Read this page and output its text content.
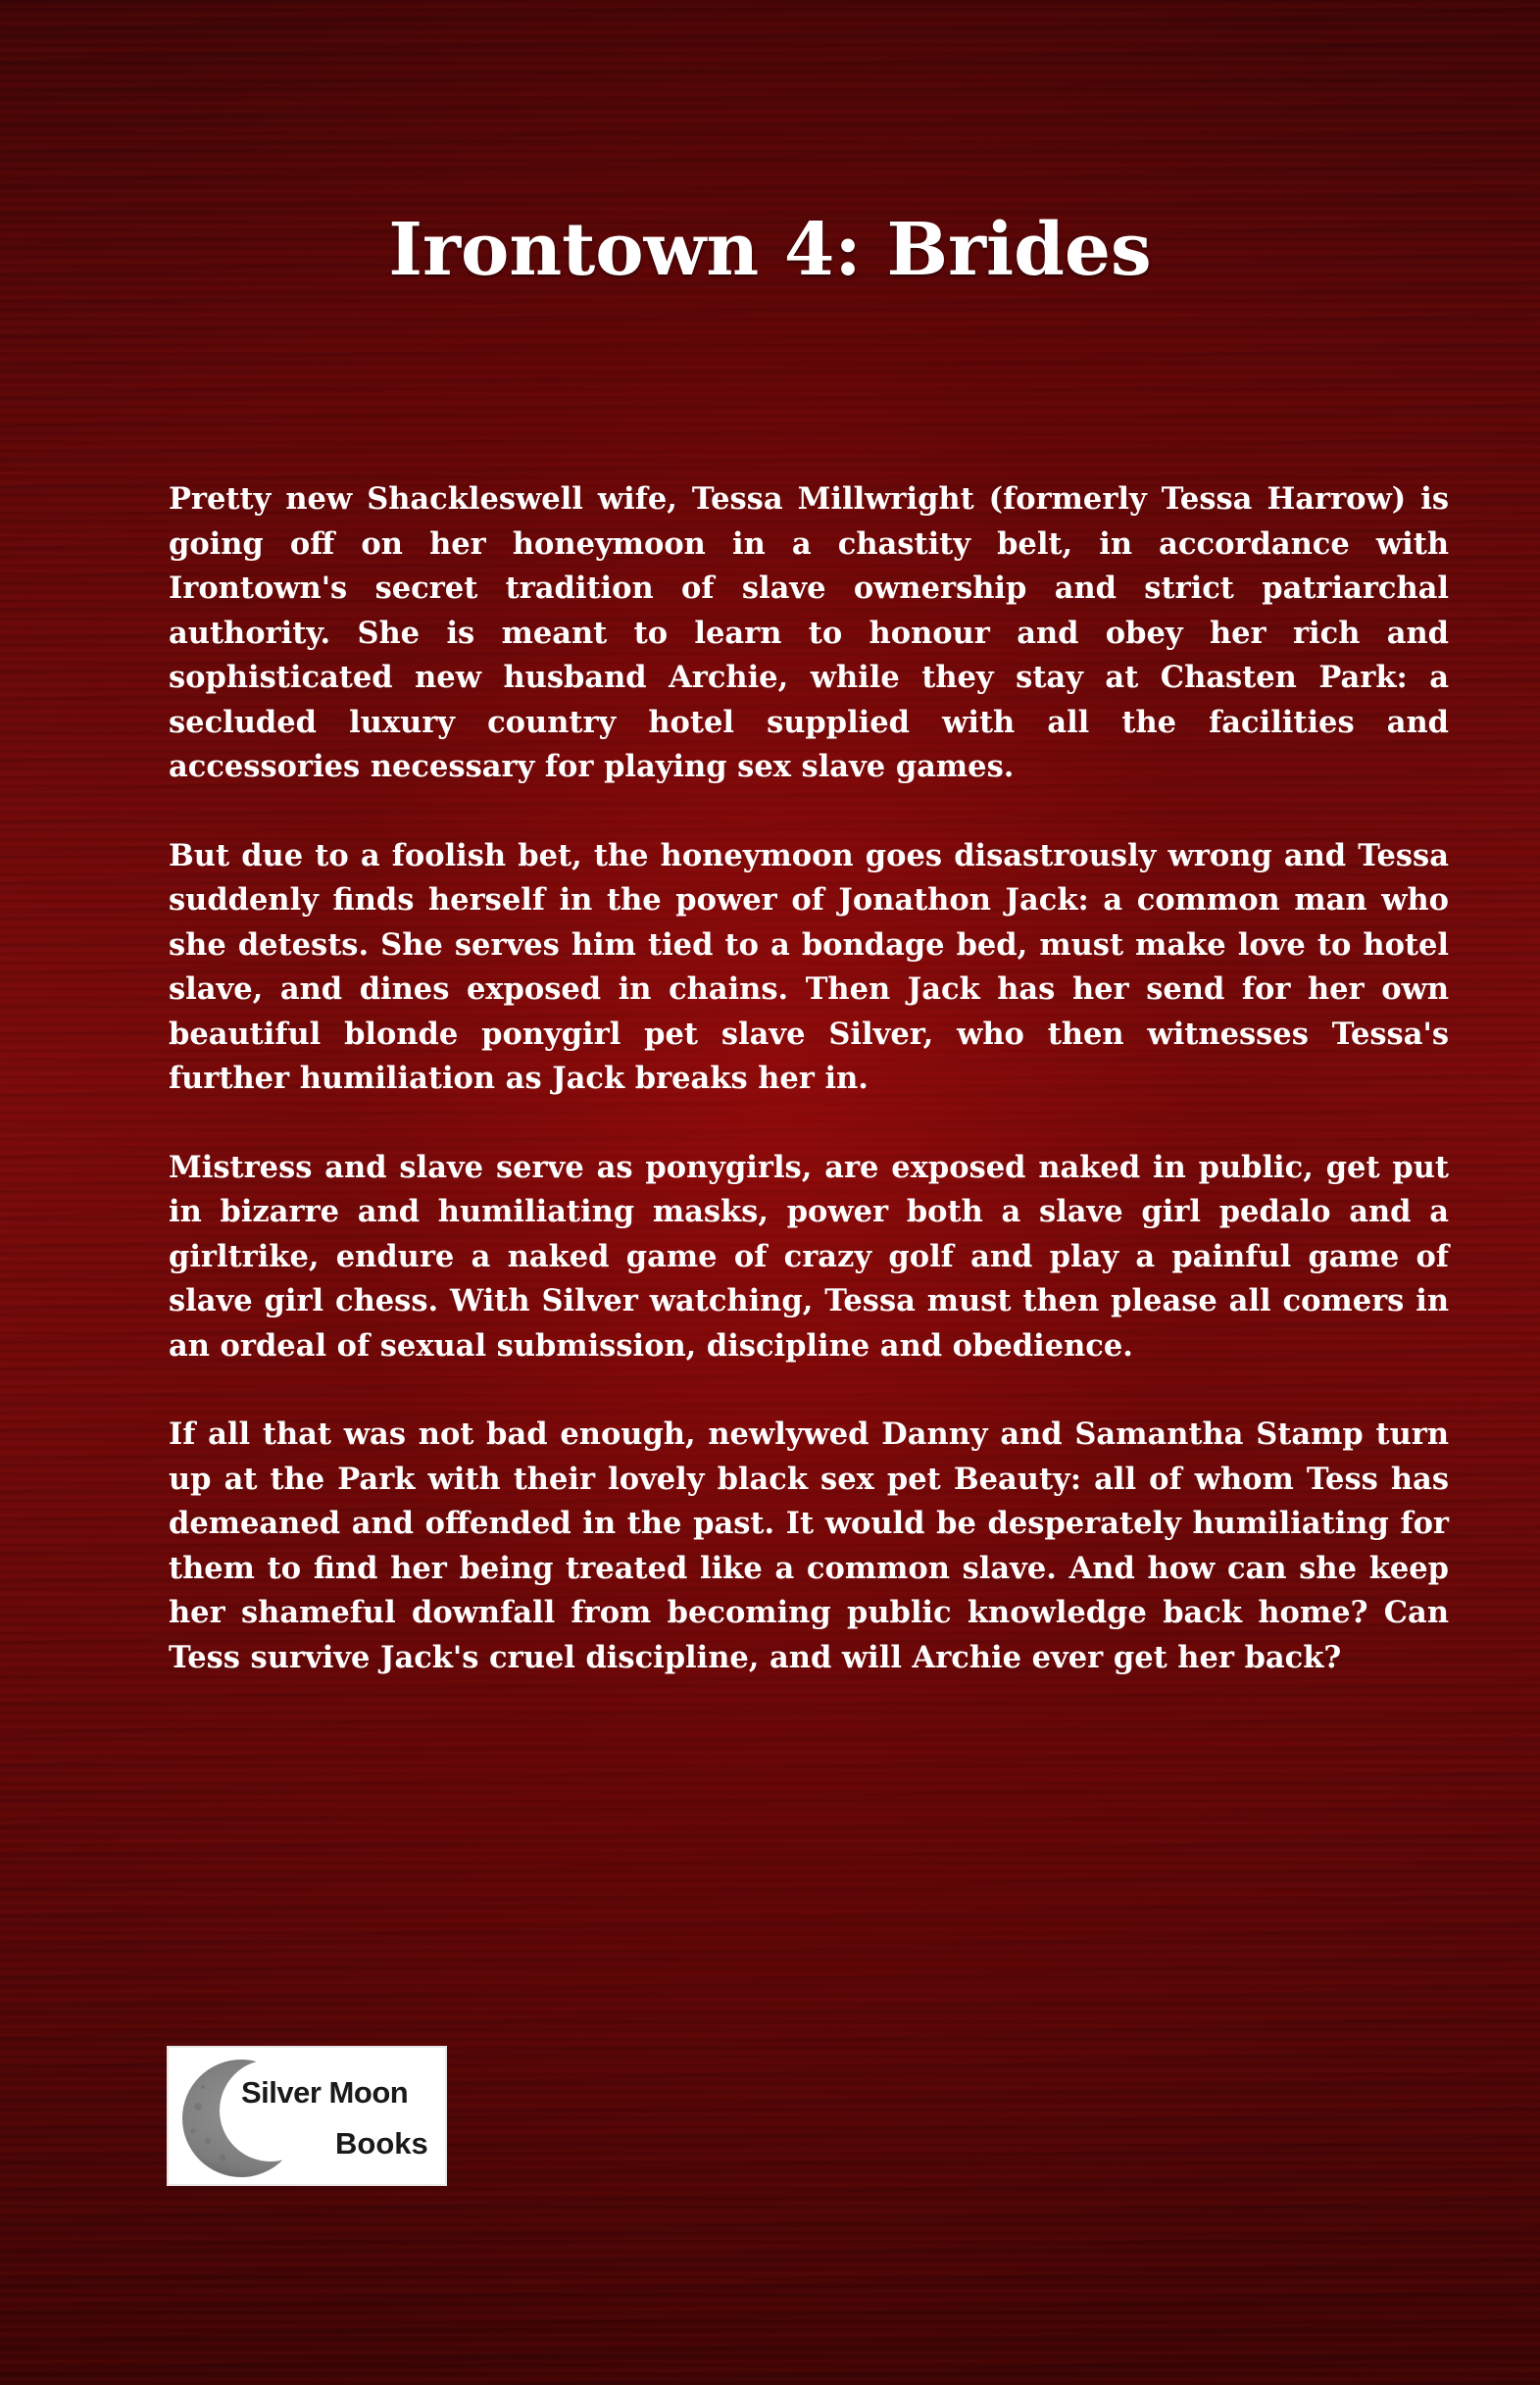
Irontown 4: Brides

Pretty new Shackleswell wife, Tessa Millwright (formerly Tessa Harrow) is going off on her honeymoon in a chastity belt, in accordance with Irontown's secret tradition of slave ownership and strict patriarchal authority. She is meant to learn to honour and obey her rich and sophisticated new husband Archie, while they stay at Chasten Park: a secluded luxury country hotel supplied with all the facilities and accessories necessary for playing sex slave games.

But due to a foolish bet, the honeymoon goes disastrously wrong and Tessa suddenly finds herself in the power of Jonathon Jack: a common man who she detests. She serves him tied to a bondage bed, must make love to hotel slave, and dines exposed in chains. Then Jack has her send for her own beautiful blonde ponygirl pet slave Silver, who then witnesses Tessa's further humiliation as Jack breaks her in.

Mistress and slave serve as ponygirls, are exposed naked in public, get put in bizarre and humiliating masks, power both a slave girl pedalo and a girltrike, endure a naked game of crazy golf and play a painful game of slave girl chess. With Silver watching, Tessa must then please all comers in an ordeal of sexual submission, discipline and obedience.

If all that was not bad enough, newlywed Danny and Samantha Stamp turn up at the Park with their lovely black sex pet Beauty: all of whom Tess has demeaned and offended in the past. It would be desperately humiliating for them to find her being treated like a common slave. And how can she keep her shameful downfall from becoming public knowledge back home? Can Tess survive Jack's cruel discipline, and will Archie ever get her back?

Silver Moon
Books
